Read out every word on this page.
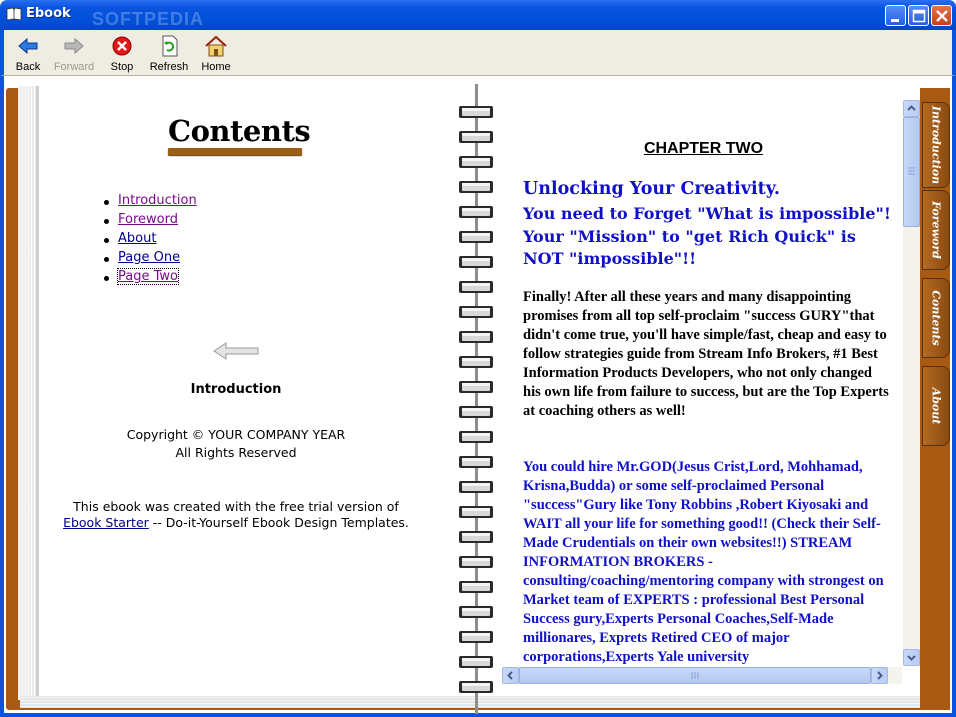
Ebook SOFTPEDIA
Back	Forward	Stop	Refresh	Home
Contents
Introduction
Foreword
About
Page One
Page Two
Introduction
Copyright © YOUR COMPANY YEAR
All Rights Reserved
This ebook was created with the free trial version of
Ebook Starter -- Do-it-Yourself Ebook Design Templates.
CHAPTER TWO
Unlocking Your Creativity.
You need to Forget "What is impossible"! Your "Mission" to "get Rich Quick" is NOT "impossible"!!
Finally! After all these years and many disappointing promises from all top self-proclaim "success GURY"that didn't come true, you'll have simple/fast, cheap and easy to follow strategies guide from Stream Info Brokers, #1 Best Information Products Developers, who not only changed his own life from failure to success, but are the Top Experts at coaching others as well!
You could hire Mr.GOD(Jesus Crist,Lord, Mohhamad, Krisna,Budda) or some self-proclaimed Personal "success"Gury like Tony Robbins ,Robert Kiyosaki and WAIT all your life for something good!! (Check their Self-Made Crudentials on their own websites!!) STREAM INFORMATION BROKERS - consulting/coaching/mentoring company with strongest on Market team of EXPERTS : professional Best Personal Success gury,Experts Personal Coaches,Self-Made millionares, Exprets Retired CEO of major corporations,Experts Yale university
Introduction
Foreword
Contents
About
